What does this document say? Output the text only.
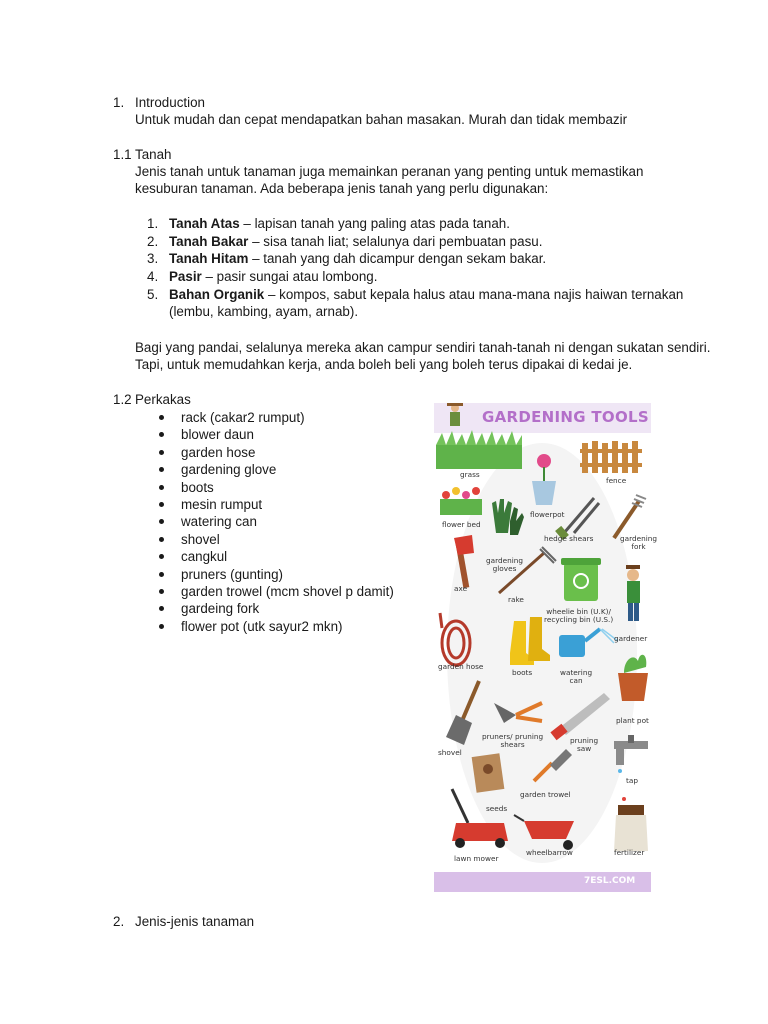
1. Introduction
Untuk mudah dan cepat mendapatkan bahan masakan. Murah dan tidak membazir
1.1 Tanah
Jenis tanah untuk tanaman juga memainkan peranan yang penting untuk memastikan
kesuburan tanaman. Ada beberapa jenis tanah yang perlu digunakan:
1. Tanah Atas – lapisan tanah yang paling atas pada tanah.
2. Tanah Bakar – sisa tanah liat; selalunya dari pembuatan pasu.
3. Tanah Hitam – tanah yang dah dicampur dengan sekam bakar.
4. Pasir – pasir sungai atau lombong.
5. Bahan Organik – kompos, sabut kepala halus atau mana-mana najis haiwan ternakan
(lembu, kambing, ayam, arnab).
Bagi yang pandai, selalunya mereka akan campur sendiri tanah-tanah ni dengan sukatan sendiri.
Tapi, untuk memudahkan kerja, anda boleh beli yang boleh terus dipakai di kedai je.
1.2 Perkakas
rack (cakar2 rumput)
blower daun
garden hose
gardening glove
boots
mesin rumput
watering can
shovel
cangkul
pruners (gunting)
garden trowel (mcm shovel p damit)
gardeing fork
flower pot (utk sayur2 mkn)
GARDENING TOOLS
grass
fence
flowerpot
flower bed
hedge shears	gardening
fork
gardening
gloves
axe
rake
wheelie bin (U.K)/
recycling bin (U.S.)
gardener
garden hose
boots	watering
can
plant pot
shovel
pruners/ pruning
shears	pruning
saw
tap
seeds
garden trowel
lawn mower
wheelbarrow	fertilizer
7ESL.COM
2. Jenis-jenis tanaman
